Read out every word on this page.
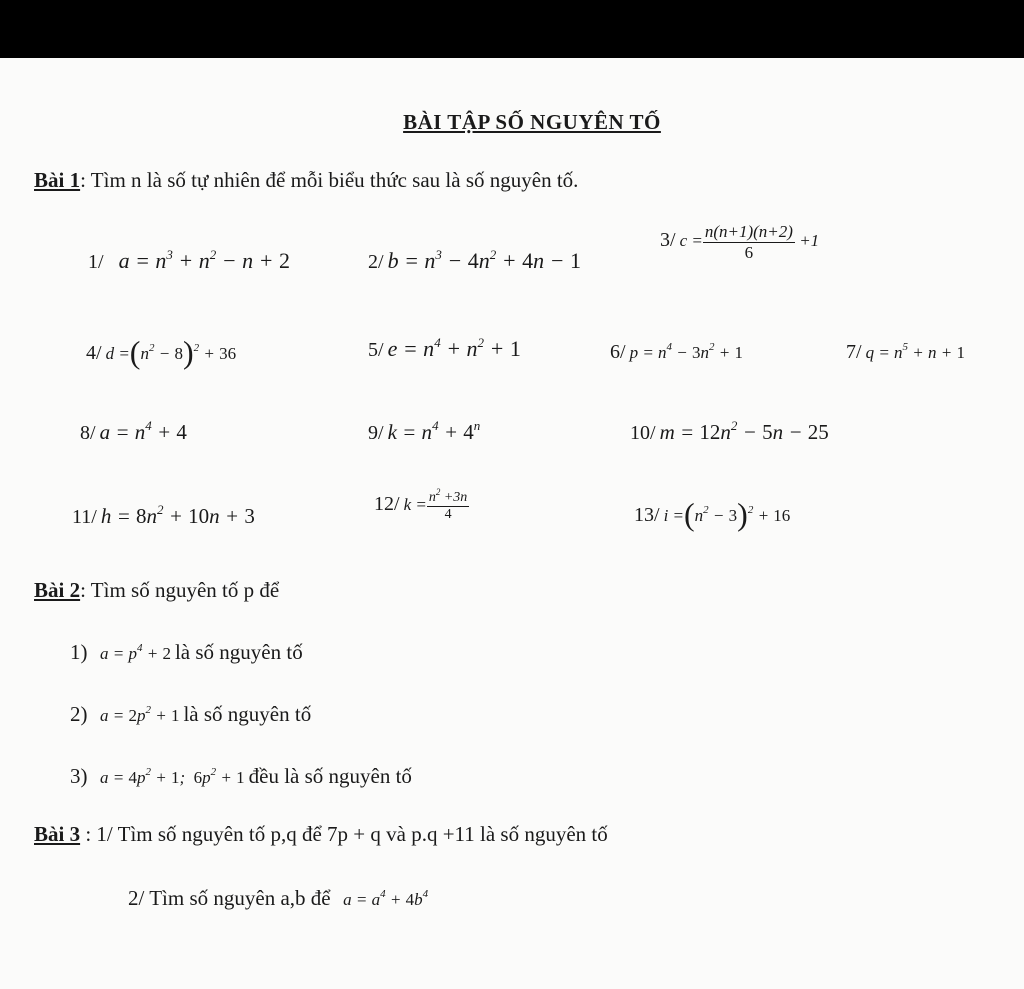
BÀI TẬP SỐ NGUYÊN TỐ
Bài 1: Tìm n là số tự nhiên để mỗi biểu thức sau là số nguyên tố.
1/   $a = n^3 + n^2 - n + 2$	2/ $b = n^3 - 4n^2 + 4n - 1$
3/ $c = \frac{n(n+1)(n+2)}{6} +1$
4/ $d =(n^2 - 8)^2 + 36$	5/ $e = n^4 + n^2 + 1$	6/ $p = n^4 - 3n^2 + 1$	7/ $q = n^5 + n + 1$
8/ $a = n^4 + 4$	9/ $k = n^4 + 4^n$	10/ $m = 12n^2 - 5n - 25$
11/ $h = 8n^2 + 10n + 3$	12/ $k = \frac{n^2 +3n}{4}$	13/ $i =(n^2 - 3)^2 + 16$
Bài 2: Tìm số nguyên tố p để
1)   $a = p^4 + 2$ là số nguyên tố
2)   $a = 2p^2 + 1$ là số nguyên tố
3)   $a = 4p^2 + 1$;  $6p^2 + 1$ đều là số nguyên tố
Bài 3 : 1/ Tìm số nguyên tố p,q để 7p + q và p.q +11 là số nguyên tố
2/ Tìm số nguyên a,b để   $a = a^4 + 4b^4$
